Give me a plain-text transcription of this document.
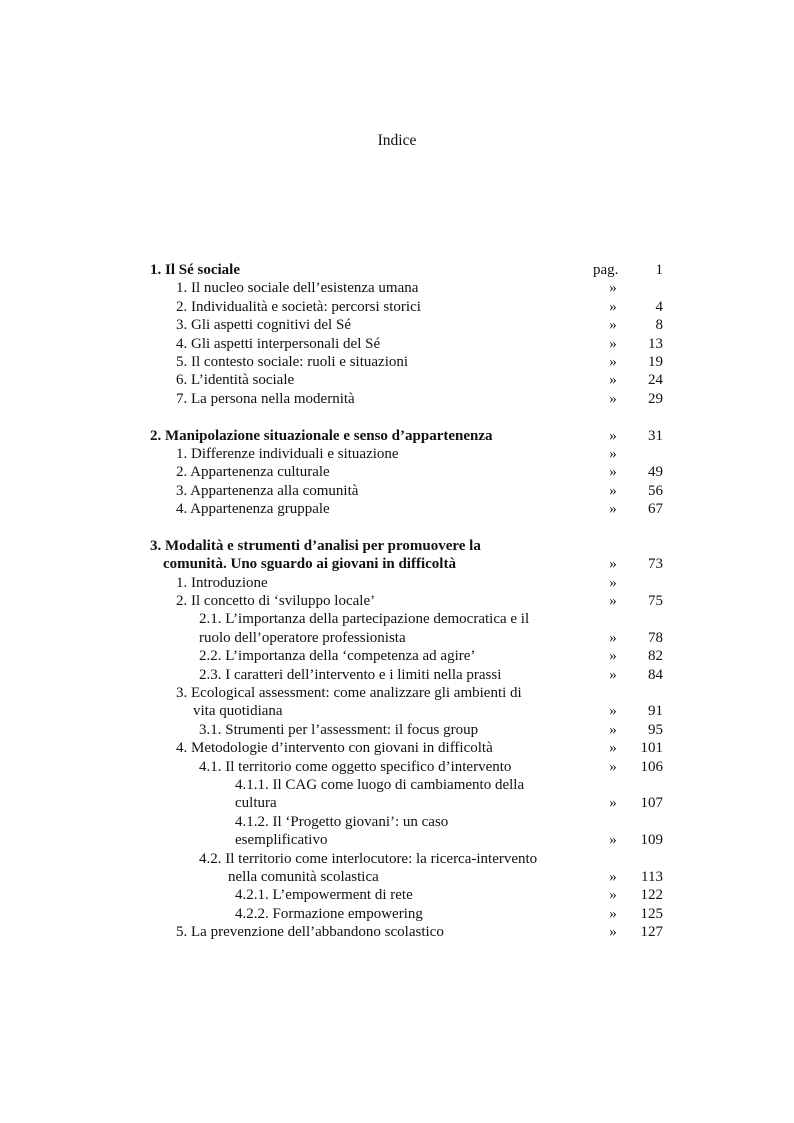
Indice
1. Il Sé sociale	pag.	1
1. Il nucleo sociale dell’esistenza umana	»
2. Individualità e società: percorsi storici	»	4
3. Gli aspetti cognitivi del Sé	»	8
4. Gli aspetti interpersonali del Sé	»	13
5. Il contesto sociale: ruoli e situazioni	»	19
6. L’identità sociale	»	24
7. La persona nella modernità	»	29
2. Manipolazione situazionale e senso d’appartenenza	»	31
1. Differenze individuali e situazione	»
2. Appartenenza culturale	»	49
3. Appartenenza alla comunità	»	56
4. Appartenenza gruppale	»	67
3. Modalità e strumenti d’analisi per promuovere la
comunità. Uno sguardo ai giovani in difficoltà	»	73
1. Introduzione	»
2. Il concetto di ‘sviluppo locale’	»	75
2.1. L’importanza della partecipazione democratica e il
ruolo dell’operatore professionista	»	78
2.2. L’importanza della ‘competenza ad agire’	»	82
2.3. I caratteri dell’intervento e i limiti nella prassi	»	84
3. Ecological assessment: come analizzare gli ambienti di
vita quotidiana	»	91
3.1. Strumenti per l’assessment: il focus group	»	95
4. Metodologie d’intervento con giovani in difficoltà	»	101
4.1. Il territorio come oggetto specifico d’intervento	»	106
4.1.1. Il CAG come luogo di cambiamento della
cultura	»	107
4.1.2. Il ‘Progetto giovani’: un caso
esemplificativo	»	109
4.2. Il territorio come interlocutore: la ricerca-intervento
nella comunità scolastica	»	113
4.2.1. L’empowerment di rete	»	122
4.2.2. Formazione empowering	»	125
5. La prevenzione dell’abbandono scolastico	»	127
